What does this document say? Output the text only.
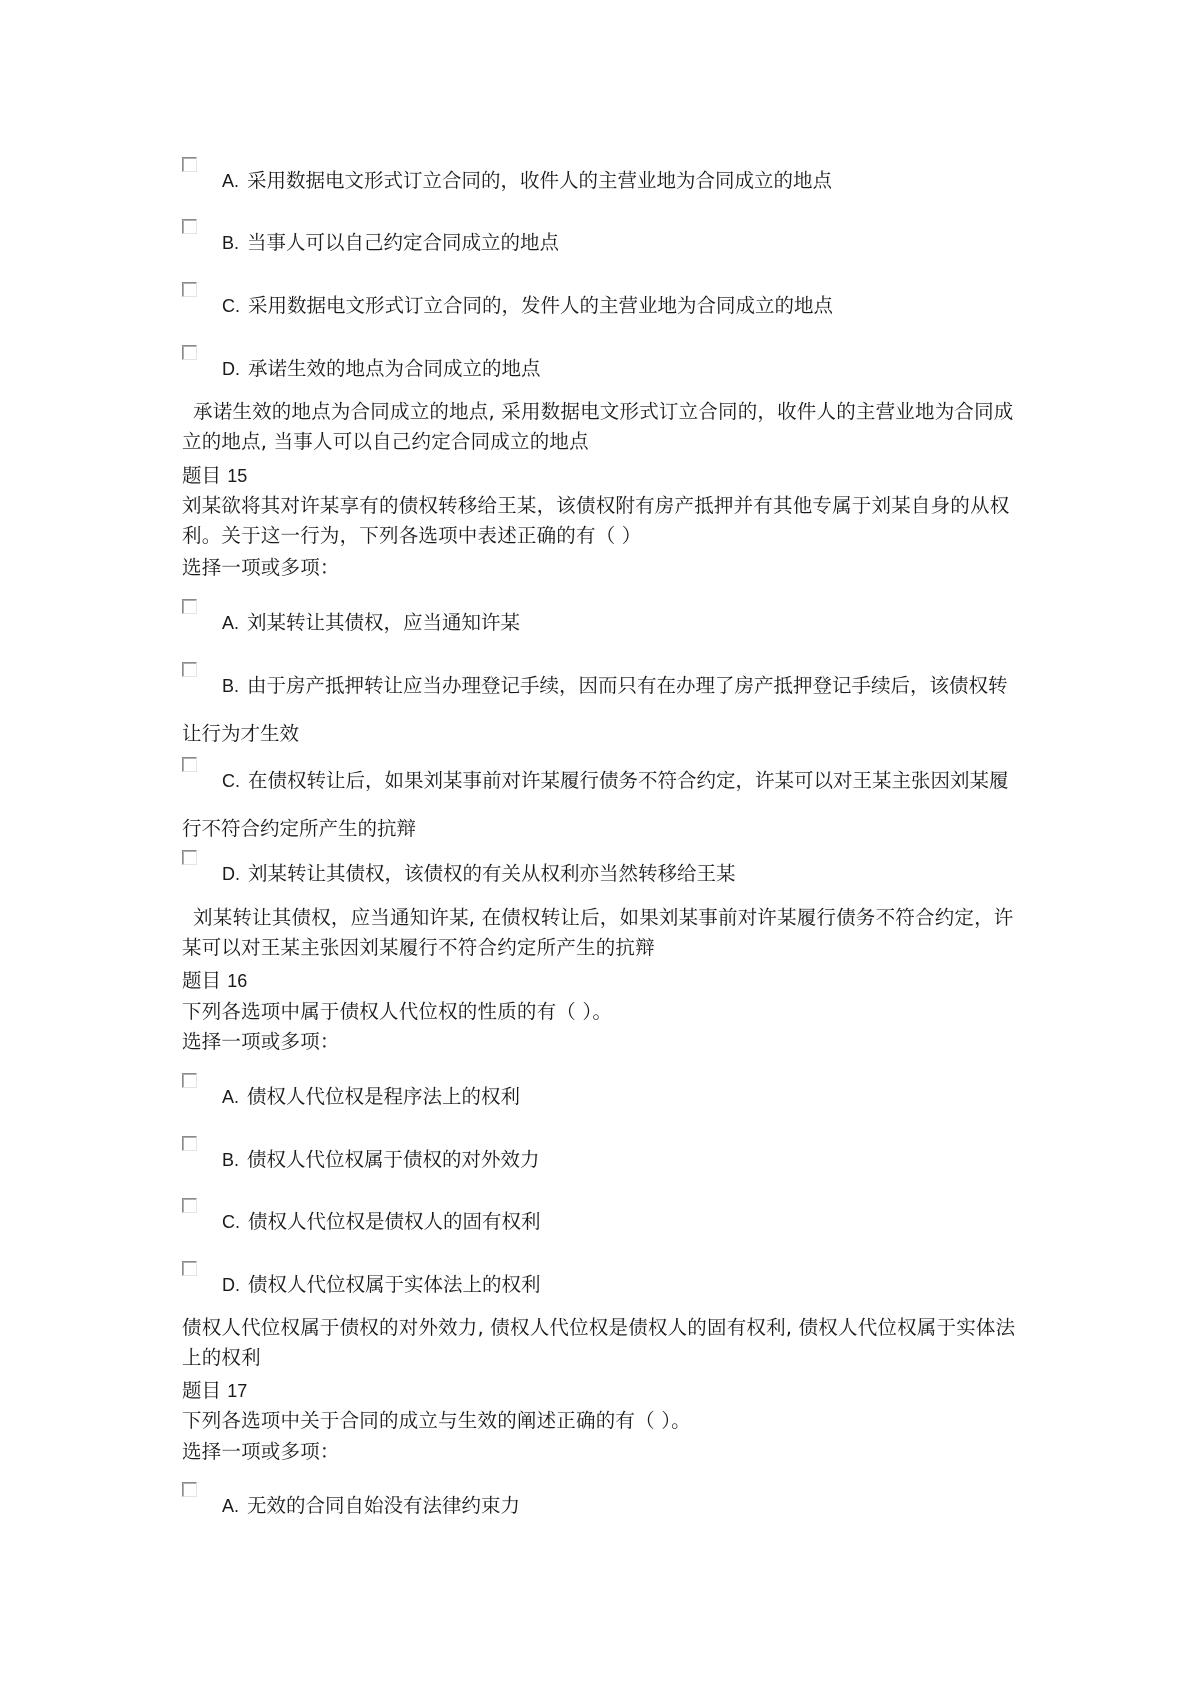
A. 采用数据电文形式订立合同的，收件人的主营业地为合同成立的地点
B. 当事人可以自己约定合同成立的地点
C. 采用数据电文形式订立合同的，发件人的主营业地为合同成立的地点
D. 承诺生效的地点为合同成立的地点
承诺生效的地点为合同成立的地点, 采用数据电文形式订立合同的，收件人的主营业地为合同成立的地点, 当事人可以自己约定合同成立的地点
题目 15
刘某欲将其对许某享有的债权转移给王某，该债权附有房产抵押并有其他专属于刘某自身的从权利。关于这一行为，下列各选项中表述正确的有（ ）
选择一项或多项：
A. 刘某转让其债权，应当通知许某
B. 由于房产抵押转让应当办理登记手续，因而只有在办理了房产抵押登记手续后，该债权转让行为才生效
C. 在债权转让后，如果刘某事前对许某履行债务不符合约定，许某可以对王某主张因刘某履行不符合约定所产生的抗辩
D. 刘某转让其债权，该债权的有关从权利亦当然转移给王某
刘某转让其债权，应当通知许某, 在债权转让后，如果刘某事前对许某履行债务不符合约定，许某可以对王某主张因刘某履行不符合约定所产生的抗辩
题目 16
下列各选项中属于债权人代位权的性质的有（ ）。
选择一项或多项：
A. 债权人代位权是程序法上的权利
B. 债权人代位权属于债权的对外效力
C. 债权人代位权是债权人的固有权利
D. 债权人代位权属于实体法上的权利
债权人代位权属于债权的对外效力, 债权人代位权是债权人的固有权利, 债权人代位权属于实体法上的权利
题目 17
下列各选项中关于合同的成立与生效的阐述正确的有（ ）。
选择一项或多项：
A. 无效的合同自始没有法律约束力
